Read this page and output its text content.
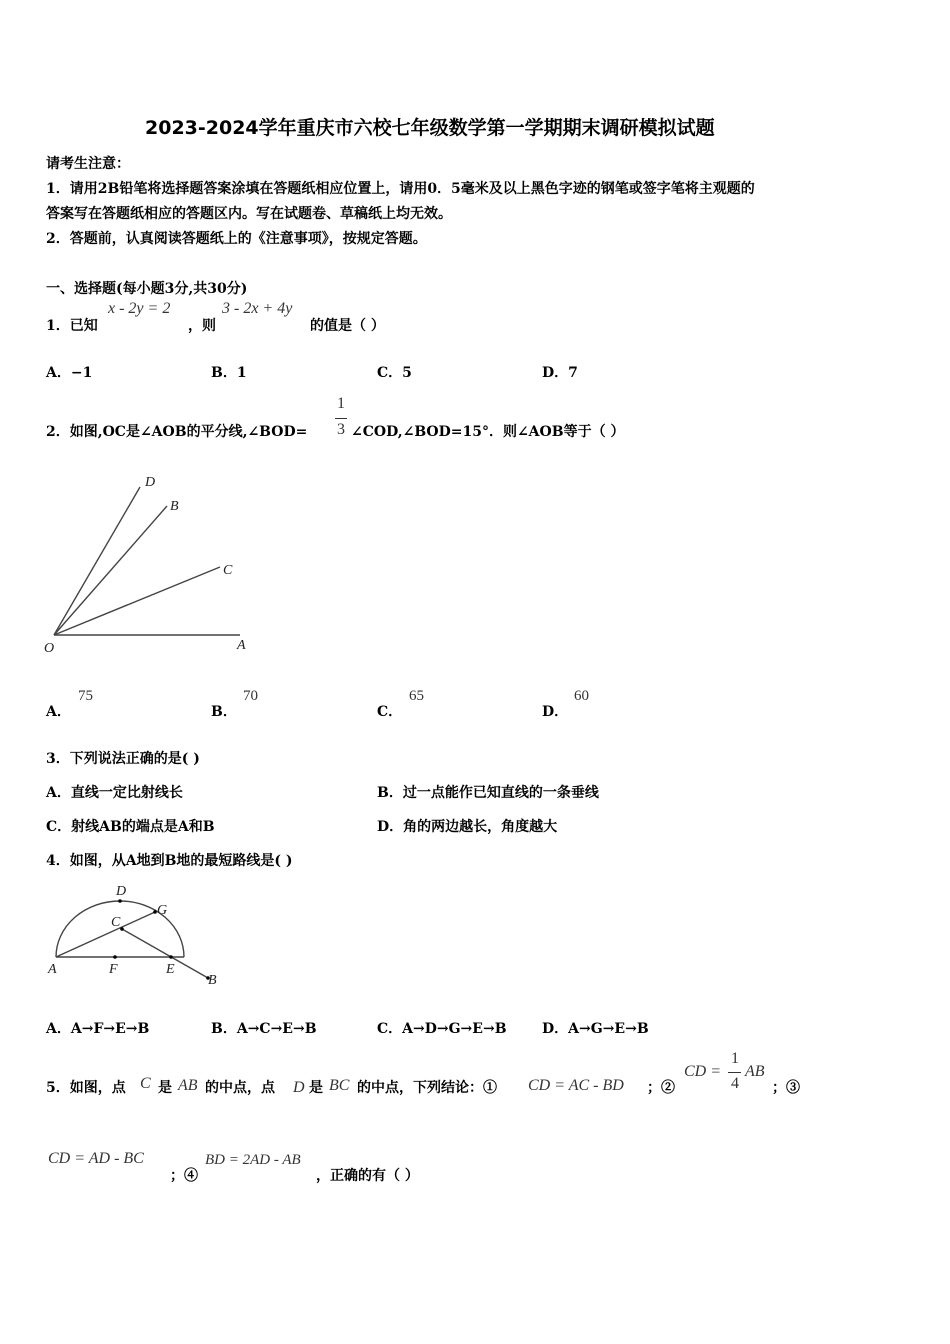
2023-2024学年重庆市六校七年级数学第一学期期末调研模拟试题
请考生注意：
1．请用2B铅笔将选择题答案涂填在答题纸相应位置上，请用0．5毫米及以上黑色字迹的钢笔或签字笔将主观题的
答案写在答题纸相应的答题区内。写在试题卷、草稿纸上均无效。
2．答题前，认真阅读答题纸上的《注意事项》，按规定答题。
一、选择题(每小题3分,共30分)
1．已知
x - 2y = 2
，则
3 - 2x + 4y
的值是（ ）
A．−1	B．1	C．5	D．7
2．如图,OC是∠AOB的平分线,∠BOD=
1
3 ∠COD,∠BOD=15°．则∠AOB等于（ ）
D
B
C
O	A
A．
75
B．
70
C．
65
D．
60
3．下列说法正确的是( )
A．直线一定比射线长	B．过一点能作已知直线的一条垂线
C．射线AB的端点是A和B	D．角的两边越长，角度越大
4．如图，从A地到B地的最短路线是( )
D
G
C
A	F	E
B
A．A→F→E→B	B．A→C→E→B	C．A→D→G→E→B	D．A→G→E→B
5．如图，点 C 是 AB 的中点，点 D 是 BC 的中点，下列结论：① CD = AC - BD ；②
CD =
1
4
AB
；③
CD = AD - BC
；④
BD = 2AD - AB
，正确的有（ ）
